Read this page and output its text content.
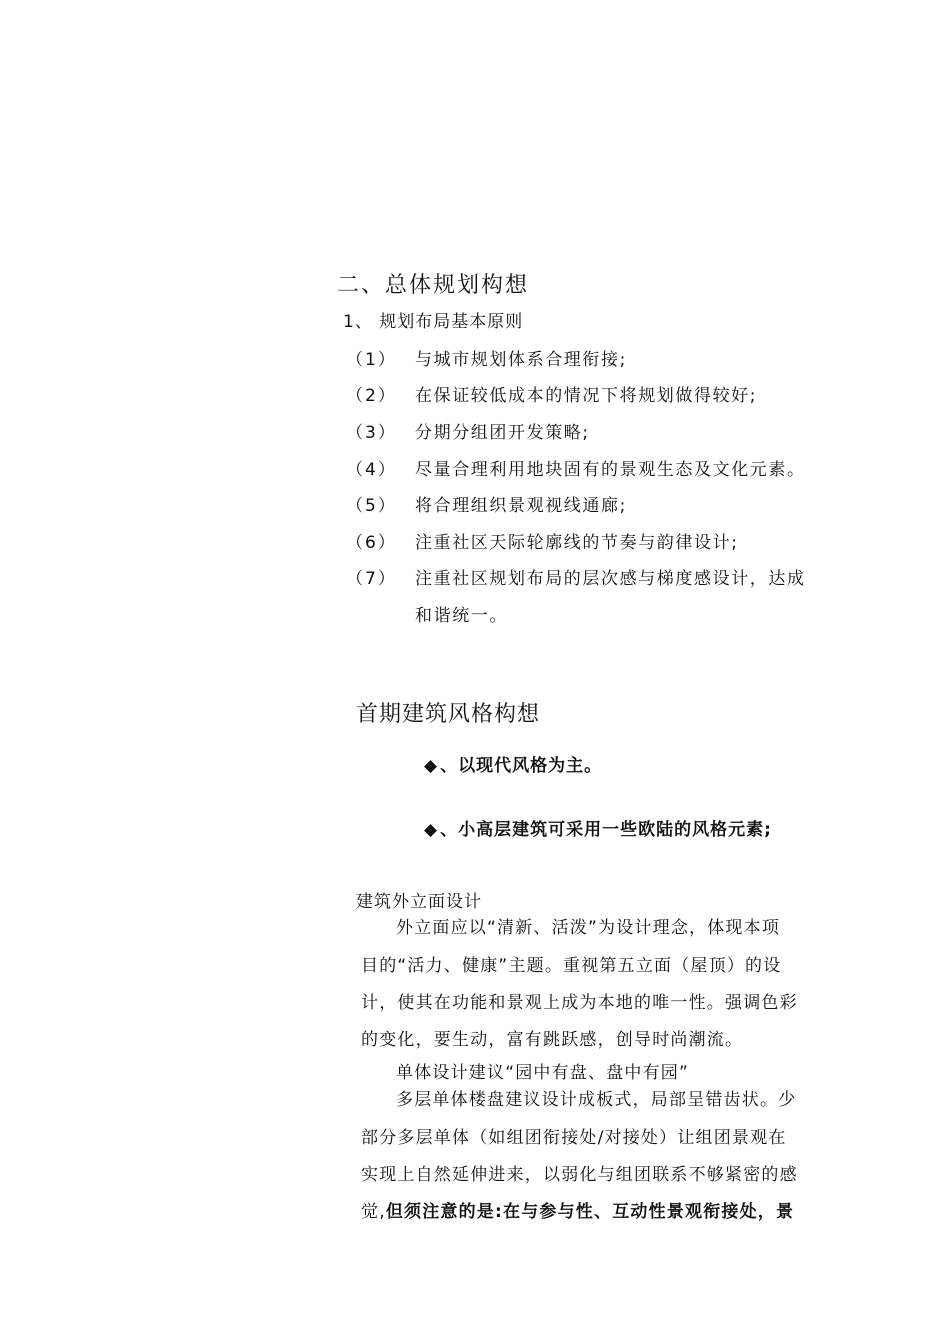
二、总体规划构想
1、 规划布局基本原则
（1） 与城市规划体系合理衔接;
（2） 在保证较低成本的情况下将规划做得较好;
（3） 分期分组团开发策略;
（4） 尽量合理利用地块固有的景观生态及文化元素。
（5） 将合理组织景观视线通廊;
（6） 注重社区天际轮廓线的节奏与韵律设计;
（7） 注重社区规划布局的层次感与梯度感设计，达成
和谐统一。
首期建筑风格构想
◆ 、以现代风格为主。
◆ 、小高层建筑可采用一些欧陆的风格元素;
建筑外立面设计
外立面应以“清新、活泼”为设计理念，体现本项
目的“活力、健康”主题。重视第五立面（屋顶）的设
计，使其在功能和景观上成为本地的唯一性。强调色彩
的变化，要生动，富有跳跃感，创导时尚潮流。
单体设计建议“园中有盘、盘中有园”
多层单体楼盘建议设计成板式，局部呈错齿状。少
部分多层单体（如组团衔接处/对接处）让组团景观在
实现上自然延伸进来，以弱化与组团联系不够紧密的感
觉,但须注意的是:在与参与性、互动性景观衔接处，景
